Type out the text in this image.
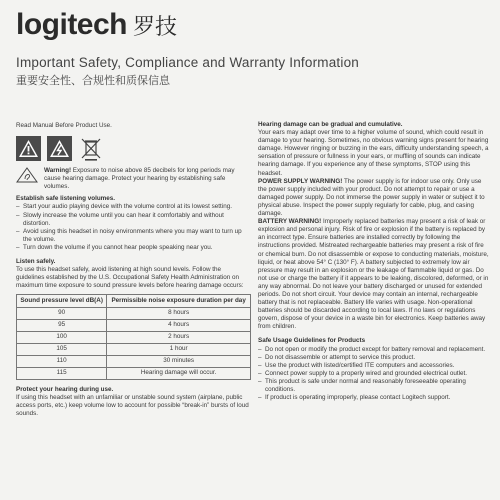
logitech 罗技
Important Safety, Compliance and Warranty Information
重要安全性、合规性和质保信息

Read Manual Before Product Use.

Warning! Exposure to noise above 85 decibels for long periods may cause hearing damage. Protect your hearing by establishing safe volumes.

Establish safe listening volumes.

– Start your audio playing device with the volume control at its lowest setting.
– Slowly increase the volume until you can hear it comfortably and without distortion.
– Avoid using this headset in noisy environments where you may want to turn up the volume.
– Turn down the volume if you cannot hear people speaking near you.

Listen safely.

To use this headset safely, avoid listening at high sound levels. Follow the guidelines established by the U.S. Occupational Safety Health Administration on maximum time exposure to sound pressure levels before hearing damage occurs:

Sound pressure level dB(A)	Permissible noise exposure duration per day
90	8 hours
95	4 hours
100	2 hours
105	1 hour
110	30 minutes
115	Hearing damage will occur.

Protect your hearing during use.

If using this headset with an unfamiliar or unstable sound system (airplane, public access ports, etc.) keep volume low to account for possible “break-in” bursts of loud sounds.

Hearing damage can be gradual and cumulative.

Your ears may adapt over time to a higher volume of sound, which could result in damage to your hearing. Sometimes, no obvious warning signs present for hearing damage. However ringing or buzzing in the ears, difficulty understanding speech, a sensation of pressure or fullness in your ears, or muffling of sounds can indicate hearing damage. If you experience any of these symptoms, STOP using this headset.

POWER SUPPLY WARNING! The power supply is for indoor use only. Only use the power supply included with your product. Do not attempt to repair or use a damaged power supply. Do not immerse the power supply in water or subject it to physical abuse. Inspect the power supply regularly for cable, plug, and casing damage.

BATTERY WARNING! Improperly replaced batteries may present a risk of leak or explosion and personal injury. Risk of fire or explosion if the battery is replaced by an incorrect type. Ensure batteries are installed correctly by following the instructions provided. Mistreated rechargeable batteries may present a risk of fire or chemical burn. Do not disassemble or expose to conducting materials, moisture, liquid, or heat above 54° C (130° F). A battery subjected to extremely low air pressure may result in an explosion or the leakage of flammable liquid or gas. Do not use or charge the battery if it appears to be leaking, discolored, deformed, or in any way abnormal. Do not leave your battery discharged or unused for extended periods. Do not short circuit. Your device may contain an internal, rechargeable battery that is not replaceable. Battery life varies with usage. Non-operational batteries should be discarded according to local laws. If no laws or regulations govern, dispose of your device in a waste bin for electronics. Keep batteries away from children.

Safe Usage Guidelines for Products

– Do not open or modify the product except for battery removal and replacement.
– Do not disassemble or attempt to service this product.
– Use the product with listed/certified ITE computers and accessories.
– Connect power supply to a properly wired and grounded electrical outlet.
– This product is safe under normal and reasonably foreseeable operating conditions.
– If product is operating improperly, please contact Logitech support.
